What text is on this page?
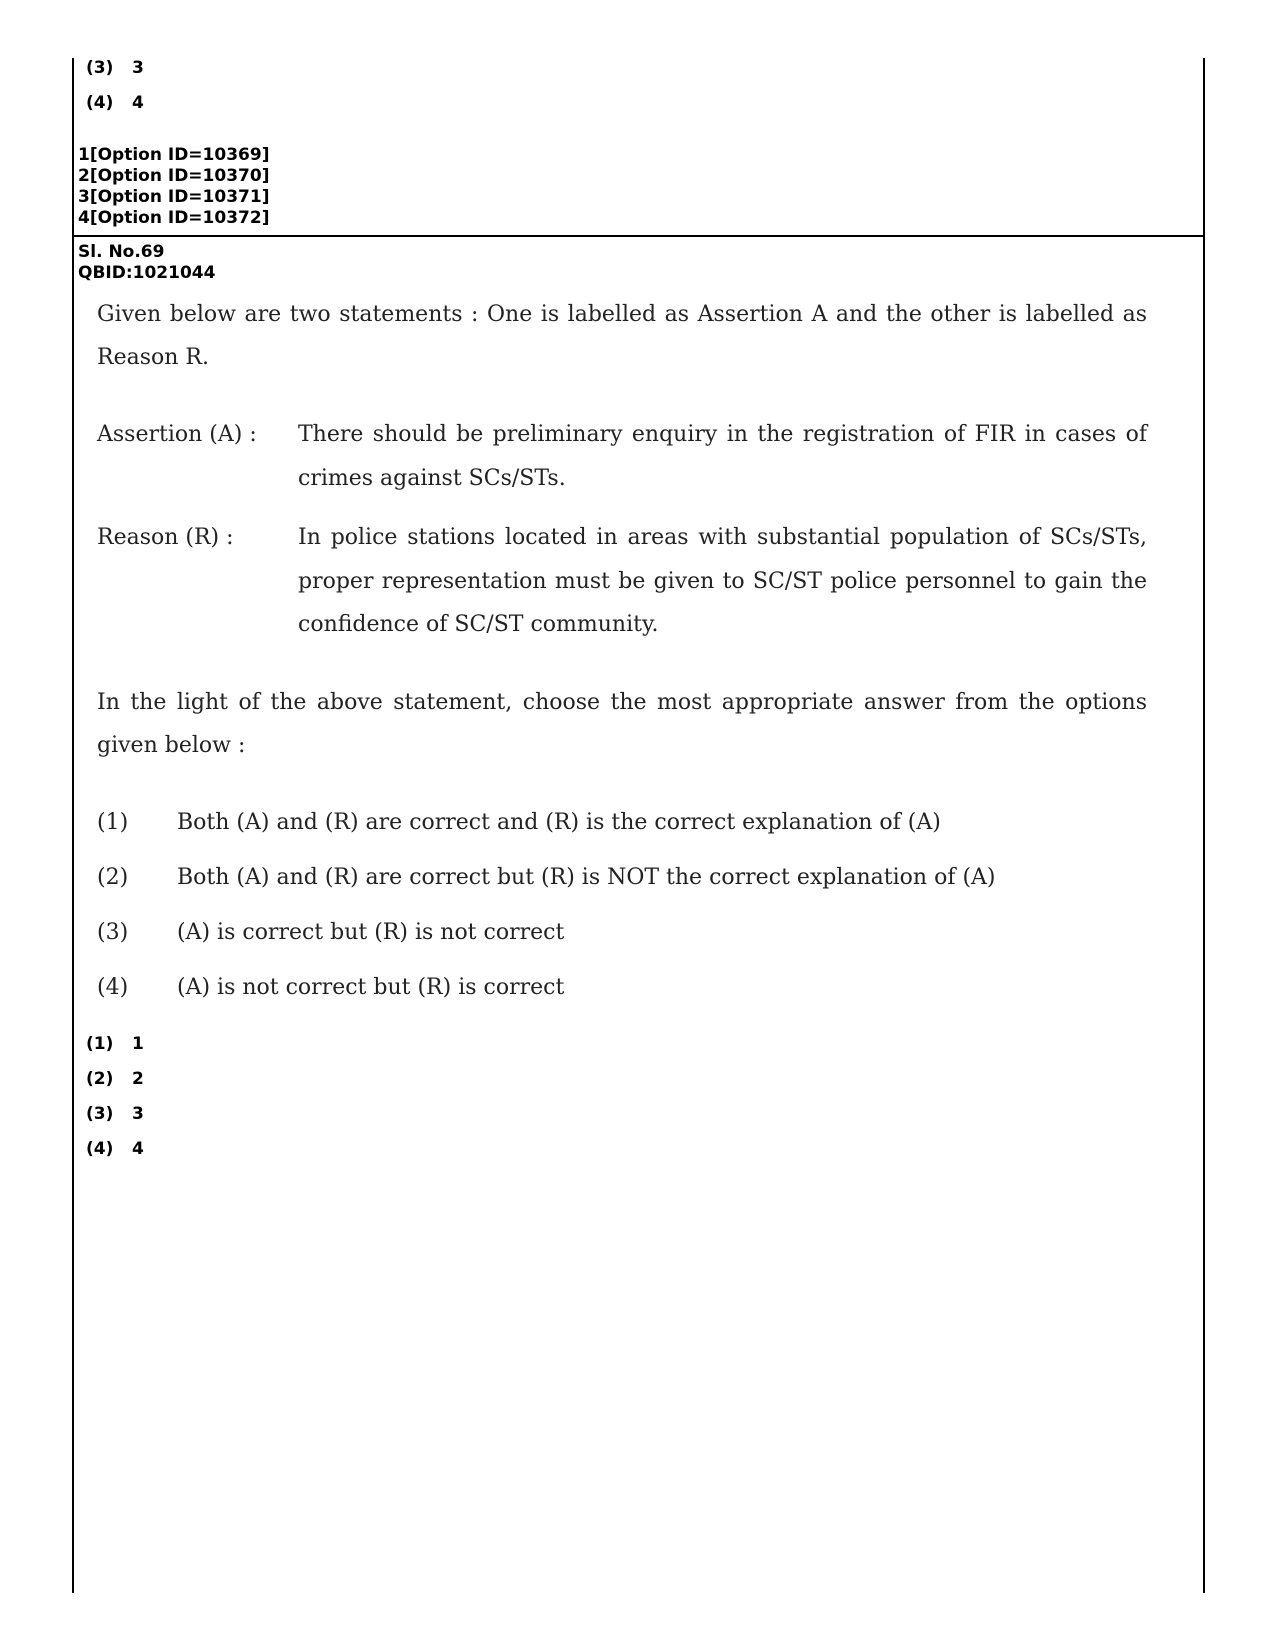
(3) 3
(4) 4
1[Option ID=10369]
2[Option ID=10370]
3[Option ID=10371]
4[Option ID=10372]
Sl. No.69
QBID:1021044
Given below are two statements : One is labelled as Assertion A and the other is labelled as
Reason R.
Assertion (A) : There should be preliminary enquiry in the registration of FIR in cases of
crimes against SCs/STs.
Reason (R) :	In police stations located in areas with substantial population of SCs/STs,
proper representation must be given to SC/ST police personnel to gain the
confidence of SC/ST community.
In the light of the above statement, choose the most appropriate answer from the options
given below :
(1) Both (A) and (R) are correct and (R) is the correct explanation of (A)
(2) Both (A) and (R) are correct but (R) is NOT the correct explanation of (A)
(3) (A) is correct but (R) is not correct
(4) (A) is not correct but (R) is correct
(1) 1
(2) 2
(3) 3
(4) 4
